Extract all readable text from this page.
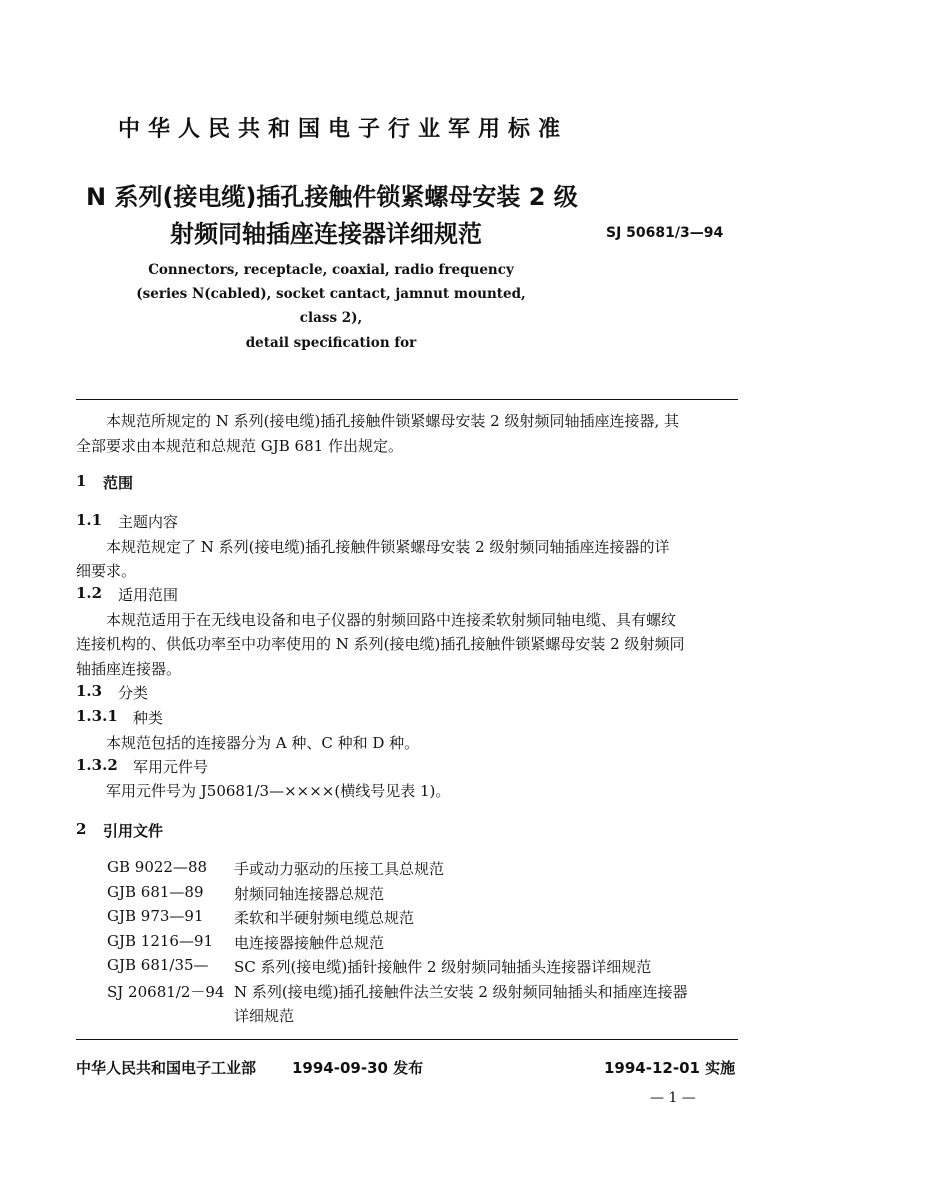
中华人民共和国电子行业军用标准
N 系列(接电缆)插孔接触件锁紧螺母安装 2 级
射频同轴插座连接器详细规范	SJ 50681/3—94
Connectors, receptacle, coaxial, radio frequency
(series N(cabled), socket cantact, jamnut mounted,
class 2),
detail specification for
本规范所规定的 N 系列(接电缆)插孔接触件锁紧螺母安装 2 级射频同轴插座连接器, 其
全部要求由本规范和总规范 GJB 681 作出规定。
1 范围
1.1 主题内容
本规范规定了 N 系列(接电缆)插孔接触件锁紧螺母安装 2 级射频同轴插座连接器的详
细要求。
1.2 适用范围
本规范适用于在无线电设备和电子仪器的射频回路中连接柔软射频同轴电缆、具有螺纹
连接机构的、供低功率至中功率使用的 N 系列(接电缆)插孔接触件锁紧螺母安装 2 级射频同
轴插座连接器。
1.3 分类
1.3.1 种类
本规范包括的连接器分为 A 种、C 种和 D 种。
1.3.2 军用元件号
军用元件号为 J50681/3—××××(横线号见表 1)。
2 引用文件
GB 9022—88 手或动力驱动的压接工具总规范
GJB 681—89 射频同轴连接器总规范
GJB 973—91 柔软和半硬射频电缆总规范
GJB 1216—91 电连接器接触件总规范
GJB 681/35— SC 系列(接电缆)插针接触件 2 级射频同轴插头连接器详细规范
SJ 20681/2－94 N 系列(接电缆)插孔接触件法兰安装 2 级射频同轴插头和插座连接器
详细规范
中华人民共和国电子工业部 1994-09-30 发布	1994-12-01 实施
— 1 —
